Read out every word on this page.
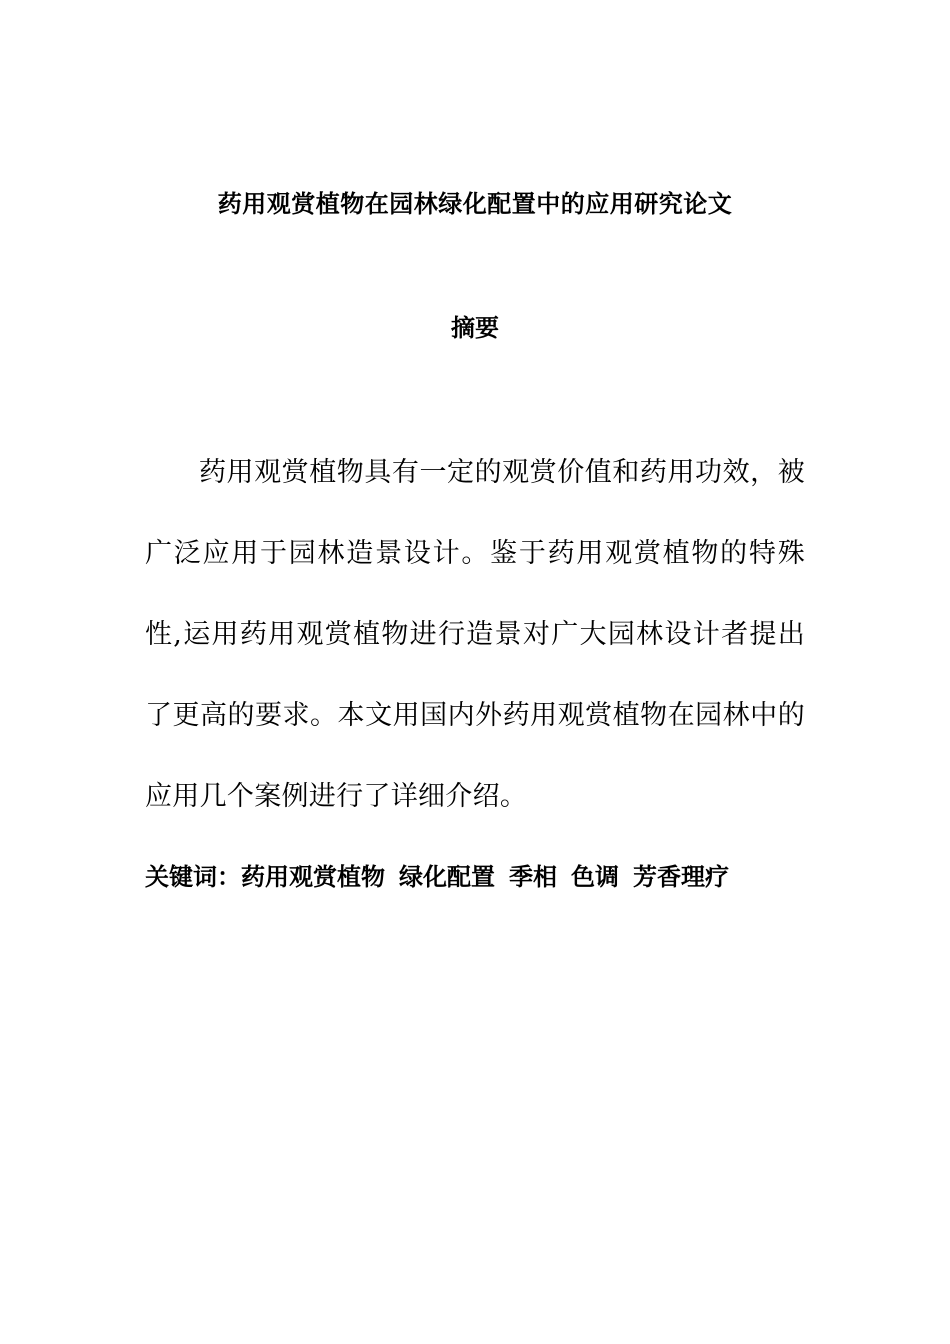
药用观赏植物在园林绿化配置中的应用研究论文
摘要

药用观赏植物具有一定的观赏价值和药用功效，被广泛应用于园林造景设计。鉴于药用观赏植物的特殊性,运用药用观赏植物进行造景对广大园林设计者提出了更高的要求。本文用国内外药用观赏植物在园林中的应用几个案例进行了详细介绍。

关键词：药用观赏植物 绿化配置 季相 色调 芳香理疗
